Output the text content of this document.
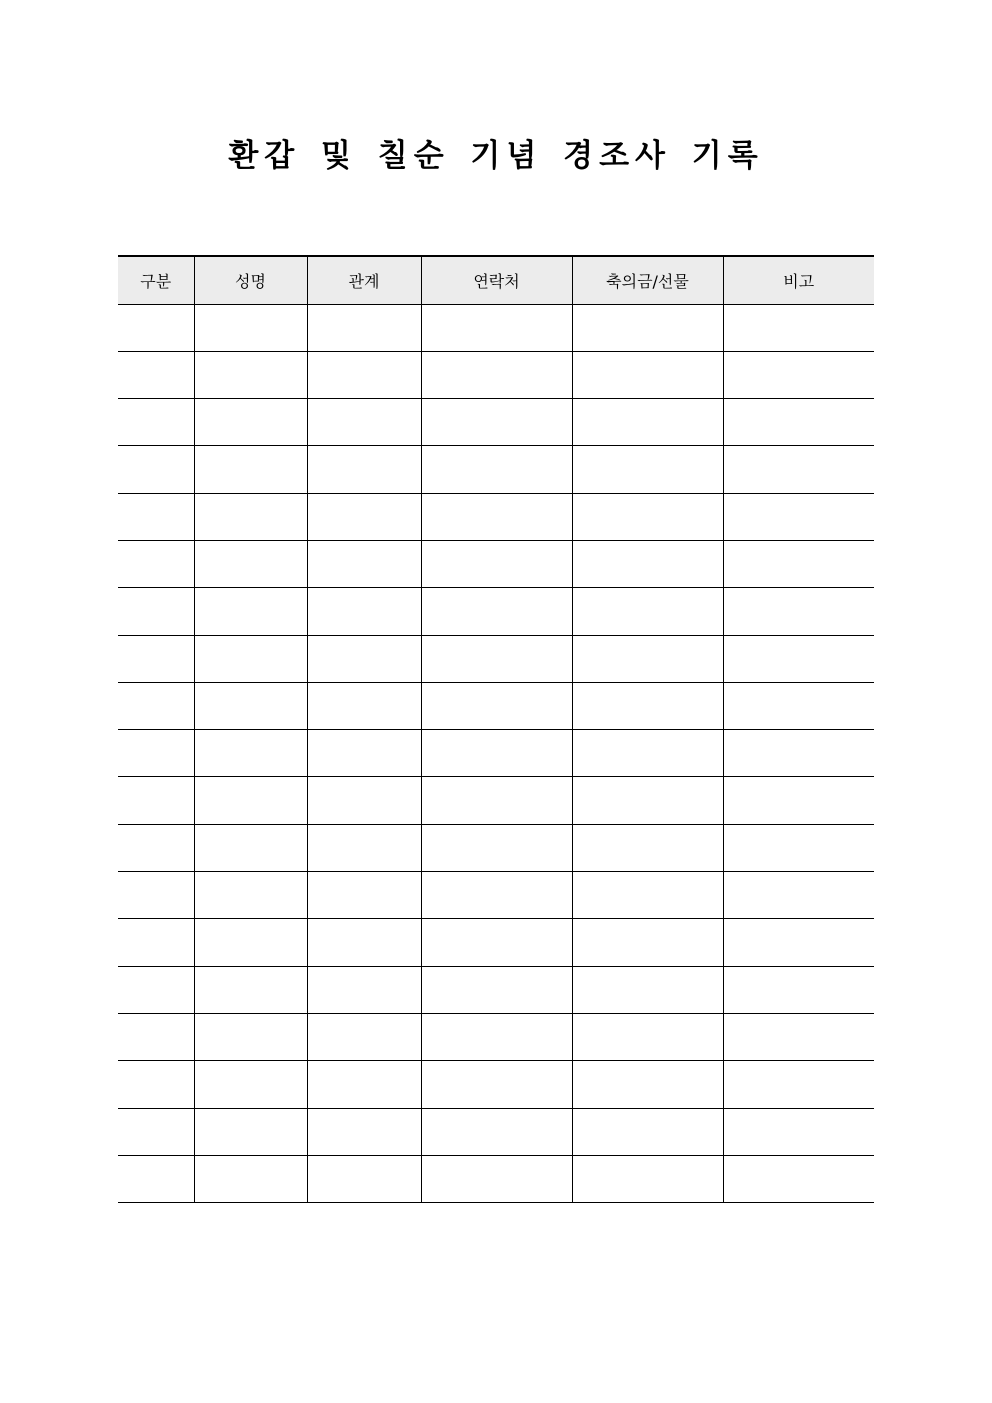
환갑 및 칠순 기념 경조사 기록
구분	성명	관계	연락처	축의금/선물	비고
